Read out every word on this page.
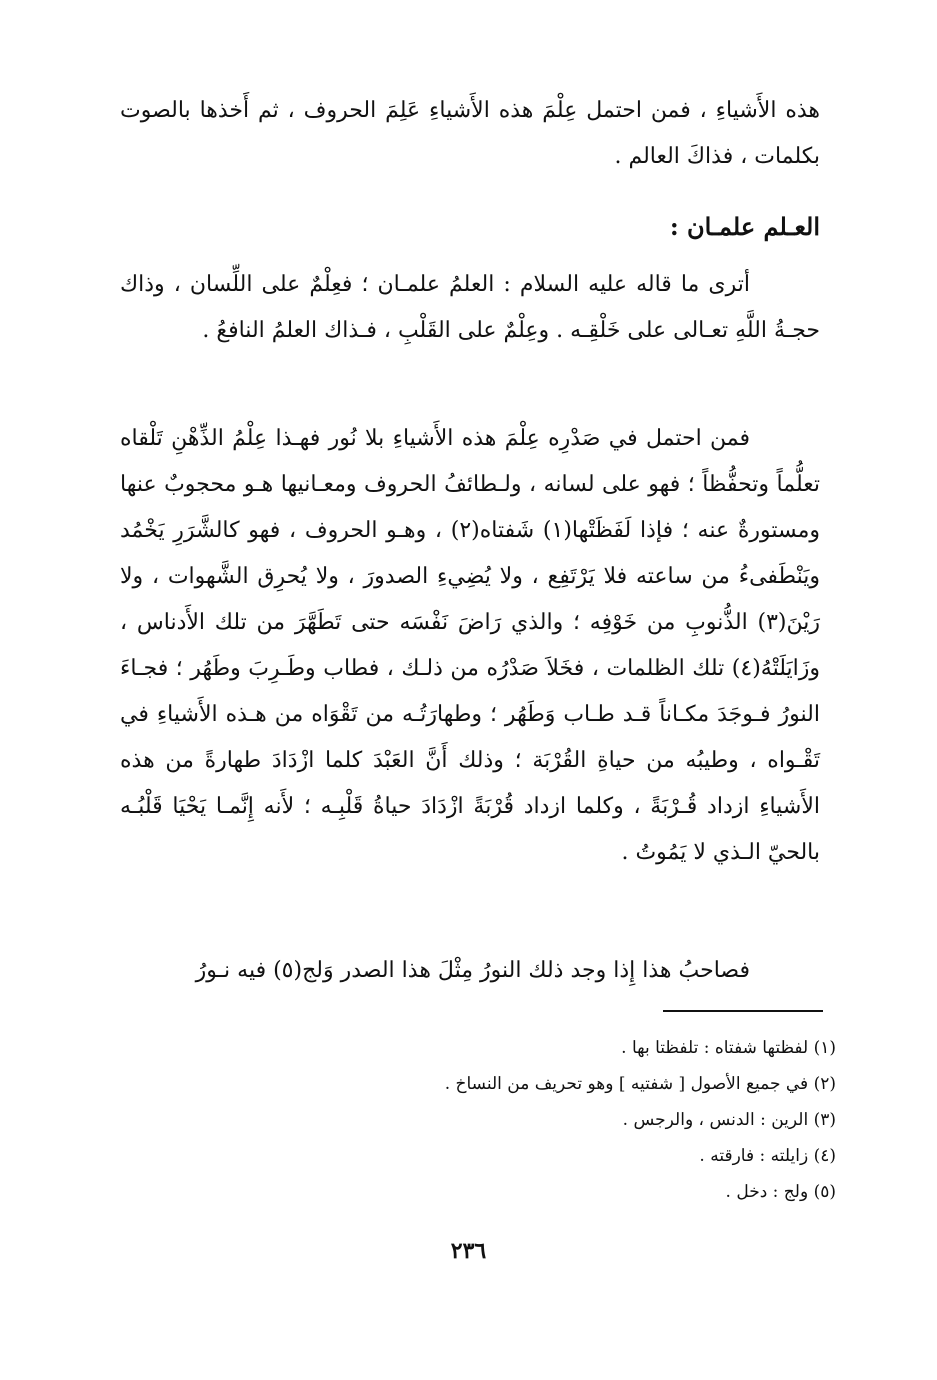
هذه الأَشياءِ ، فمن احتمل عِلْمَ هذه الأَشياءِ عَلِمَ الحروف ، ثم أَخذها بالصوت بكلمات ، فذاكَ العالم .

العـلم علمـان :

أترى ما قاله عليه السلام : العلمُ علمـان ؛ فعِلْمٌ على اللِّسان ، وذاك حجـةُ اللَّهِ تعـالى على خَلْقِـه . وعِلْمٌ على القَلْبِ ، فـذاك العلمُ النافعُ .

فمن احتمل في صَدْرِه عِلْمَ هذه الأَشياءِ بلا نُور فهـذا عِلْمُ الذِّهْنِ تَلْقاه تعلُّماً وتحفُّظاً ؛ فهو على لسانه ، ولـطائفُ الحروف ومعـانيها هـو محجوبٌ عنها ومستورةٌ عنه ؛ فإذا لَفَظَتْها(١) شَفتاه(٢) ، وهـو الحروف ، فهو كالشَّرَرِ يَخْمُد ويَنْطَفىءُ من ساعته فلا يَرْتَفِع ، ولا يُضِيءِ الصدورَ ، ولا يُحرِق الشَّهوات ، ولا رَيْنَ(٣) الذُّنوبِ من خَوْفِه ؛ والذي رَاضَ نَفْسَه حتى تَطَهَّرَ من تلك الأَدناس ، وزَايَلَتْهُ(٤) تلك الظلمات ، فخَلاَ صَدْرُه من ذلـك ، فطاب وطَـرِبَ وطَهُر ؛ فجـاءَ النورُ فـوجَدَ مكـاناً قـد طـاب وَطَهُر ؛ وطهارَتُـه من تَقْوَاه من هـذه الأَشياءِ في تَقْـواه ، وطيبُه من حياةِ القُرْبَة ؛ وذلك أَنَّ العَبْدَ كلما ازْدَادَ طهارةً من هذه الأَشياءِ ازداد قُـرْبَةً ، وكلما ازداد قُرْبَةً ازْدَادَ حياةُ قَلْبِـه ؛ لأَنه إِنَّمـا يَحْيَا قَلْبُـه بالحيّ الـذي لا يَمُوتُ .

فصاحبُ هذا إِذا وجد ذلك النورُ مِثْلَ هذا الصدر وَلج(٥) فيه نـورُ

(١) لفظتها شفتاه : تلفظتا بها .

(٢) في جميع الأصول [ شفتيه ] وهو تحريف من النساخ .

(٣) الرين : الدنس ، والرجس .

(٤) زايلته : فارقته .

(٥) ولج : دخل .

٢٣٦
